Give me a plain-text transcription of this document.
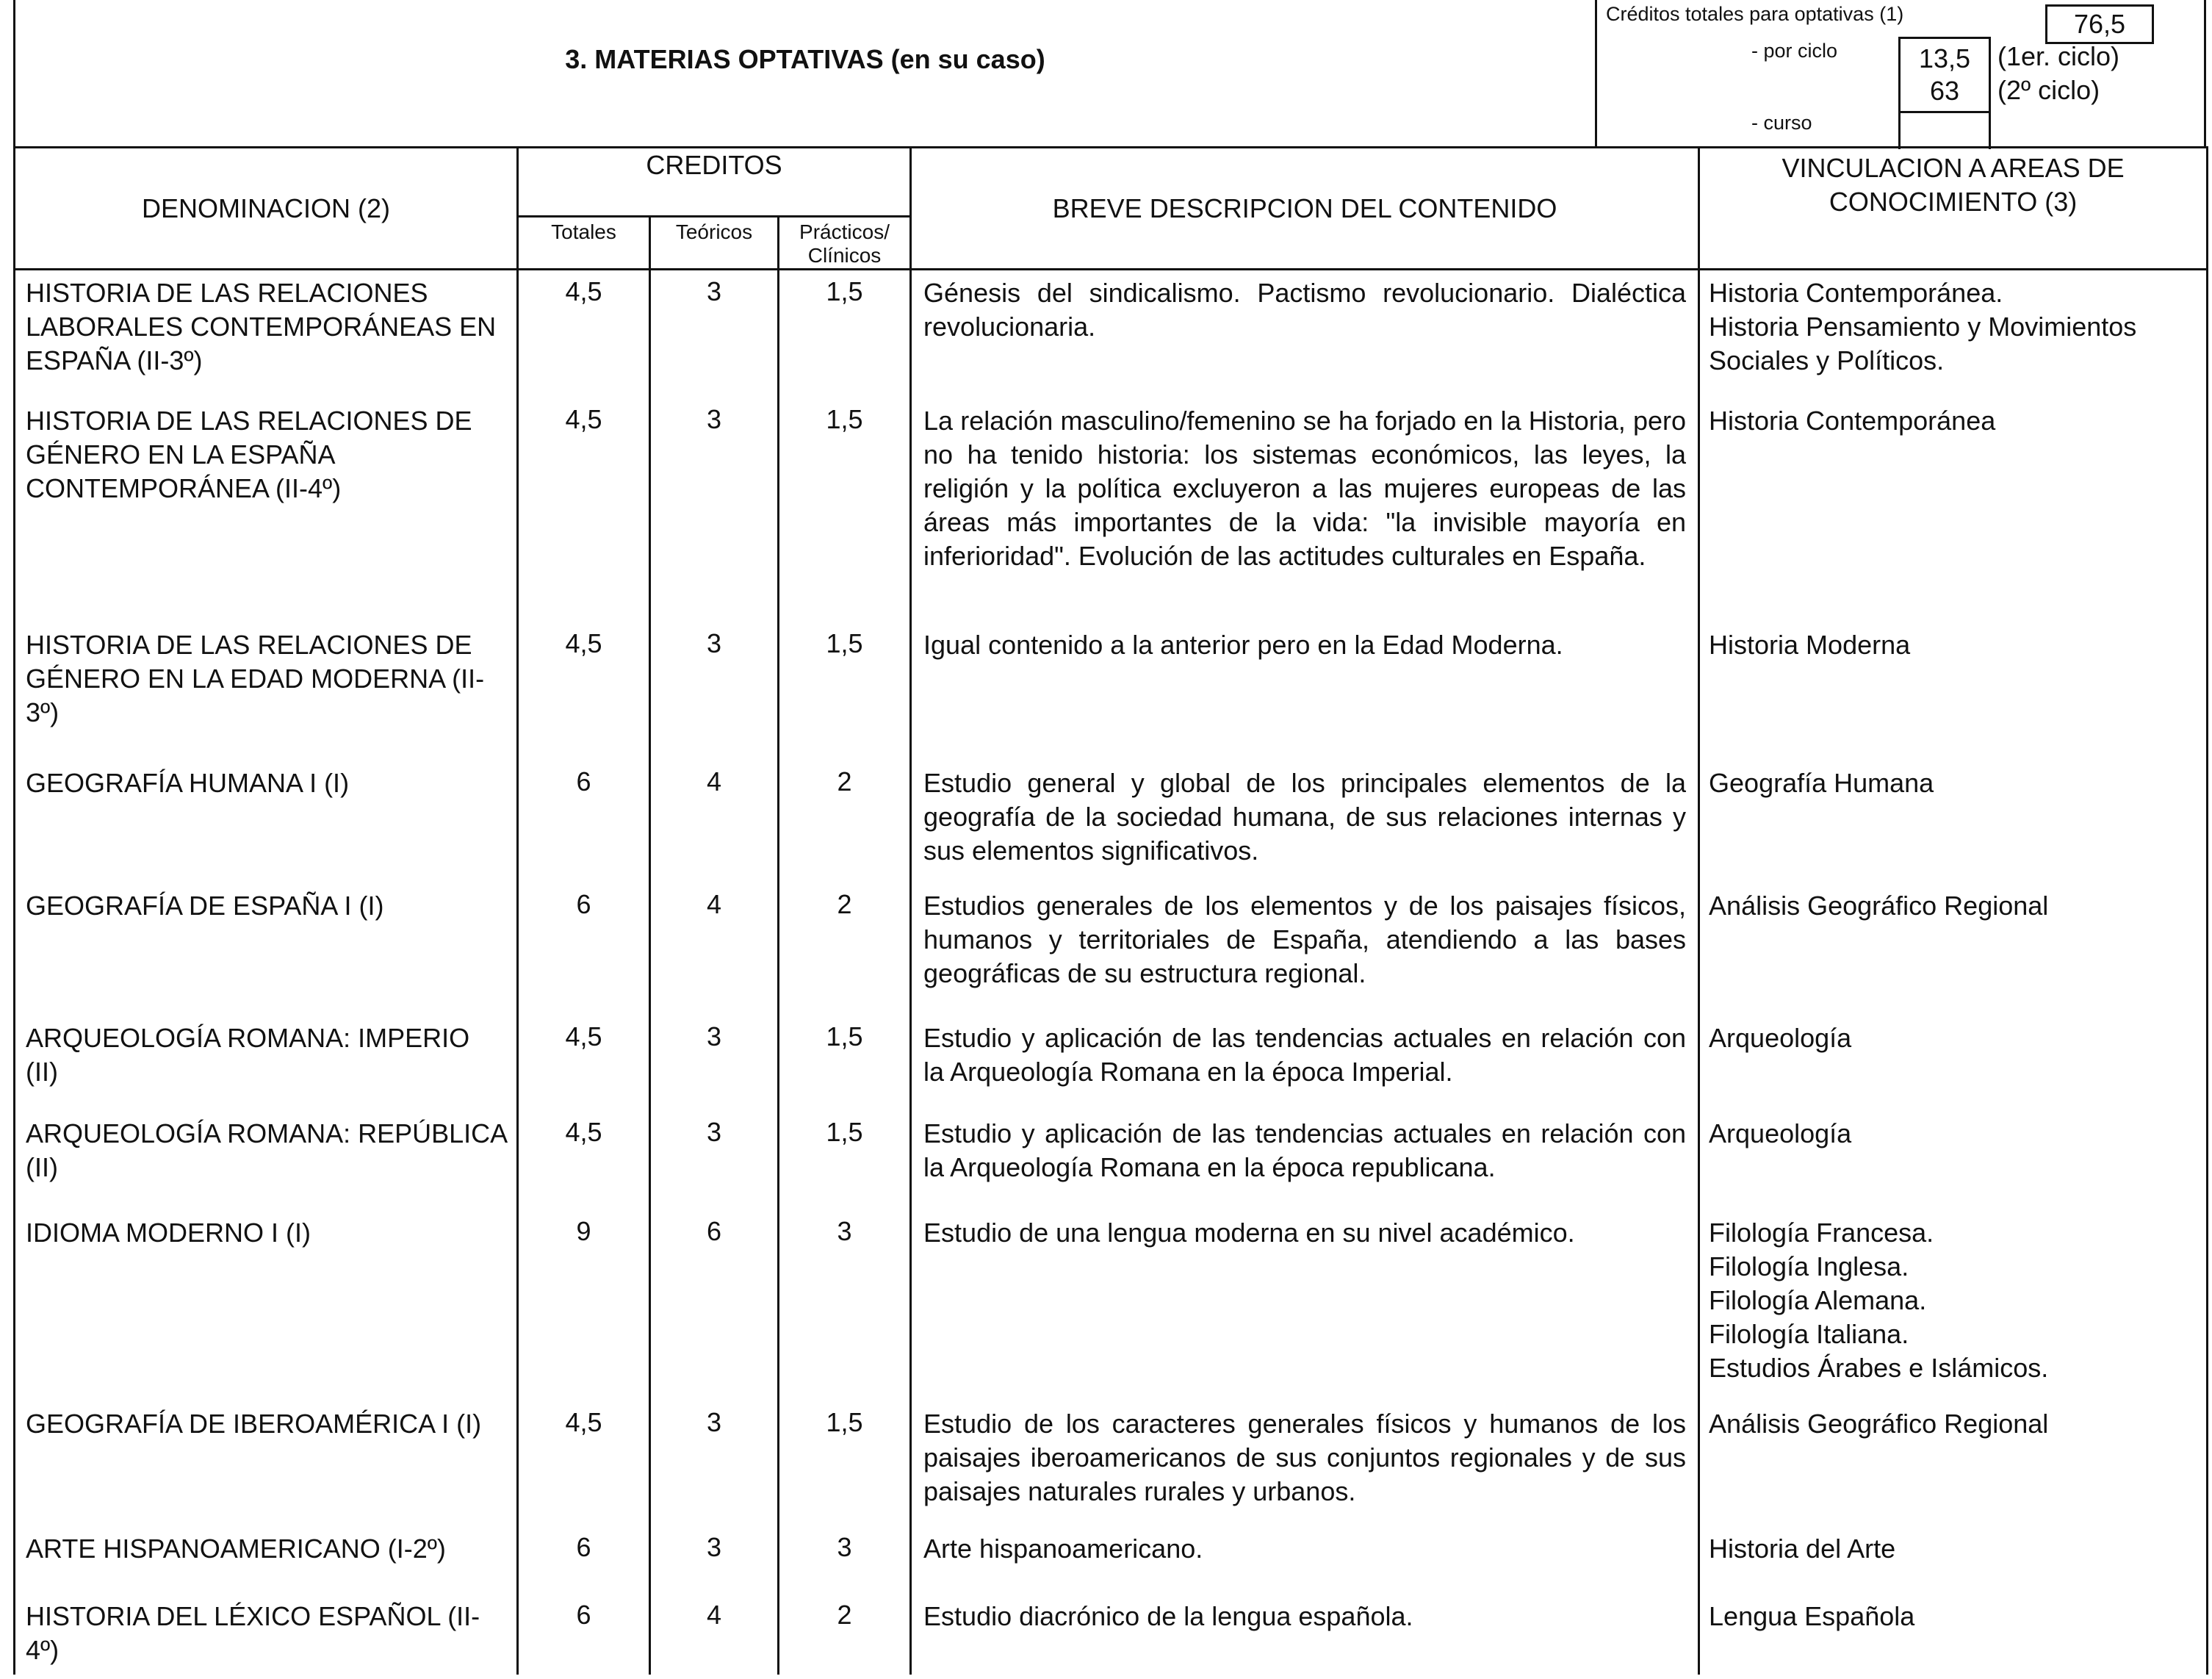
3. MATERIAS OPTATIVAS (en su caso)
Créditos totales para optativas (1)	76,5
- por ciclo	13,5
63
(1er. ciclo)
(2º ciclo)
- curso
DENOMINACION (2)	CREDITOS			BREVE DESCRIPCION DEL CONTENIDO	VINCULACION A AREAS DE
CONOCIMIENTO (3)

	Totales	Teóricos	Prácticos/
Clínicos		

HISTORIA DE LAS RELACIONES LABORALES CONTEMPORÁNEAS EN ESPAÑA (II-3º)	4,5	3	1,5	Génesis del sindicalismo. Pactismo revolucionario. Dialéctica revolucionaria.	Historia Contemporánea.
Historia Pensamiento y Movimientos Sociales y Políticos.

HISTORIA DE LAS RELACIONES DE GÉNERO EN LA ESPAÑA CONTEMPORÁNEA (II-4º)	4,5	3	1,5	La relación masculino/femenino se ha forjado en la Historia, pero no ha tenido historia: los sistemas económicos, las leyes, la religión y la política excluyeron a las mujeres europeas de las áreas más importantes de la vida: "la invisible mayoría en inferioridad". Evolución de las actitudes culturales en España.	Historia Contemporánea

HISTORIA DE LAS RELACIONES DE GÉNERO EN LA EDAD MODERNA (II-3º)	4,5	3	1,5	Igual contenido a la anterior pero en la Edad Moderna.	Historia Moderna

GEOGRAFÍA HUMANA I (I)	6	4	2	Estudio general y global de los principales elementos de la geografía de la sociedad humana, de sus relaciones internas y sus elementos significativos.	Geografía Humana

GEOGRAFÍA DE ESPAÑA I (I)	6	4	2	Estudios generales de los elementos y de los paisajes físicos, humanos y territoriales de España, atendiendo a las bases geográficas de su estructura regional.	Análisis Geográfico Regional

ARQUEOLOGÍA ROMANA: IMPERIO (II)	4,5	3	1,5	Estudio y aplicación de las tendencias actuales en relación con la Arqueología Romana en la época Imperial.	Arqueología

ARQUEOLOGÍA ROMANA: REPÚBLICA (II)	4,5	3	1,5	Estudio y aplicación de las tendencias actuales en relación con la Arqueología Romana en la época republicana.	Arqueología

IDIOMA MODERNO I (I)	9	6	3	Estudio de una lengua moderna en su nivel académico.	Filología Francesa.
Filología Inglesa.
Filología Alemana.
Filología Italiana.
Estudios Árabes e Islámicos.

GEOGRAFÍA DE IBEROAMÉRICA I (I)	4,5	3	1,5	Estudio de los caracteres generales físicos y humanos de los paisajes iberoamericanos de sus conjuntos regionales y de sus paisajes naturales rurales y urbanos.	Análisis Geográfico Regional

ARTE HISPANOAMERICANO (I-2º)	6	3	3	Arte hispanoamericano.	Historia del Arte

HISTORIA DEL LÉXICO ESPAÑOL (II-4º)	6	4	2	Estudio diacrónico de la lengua española.	Lengua Española
